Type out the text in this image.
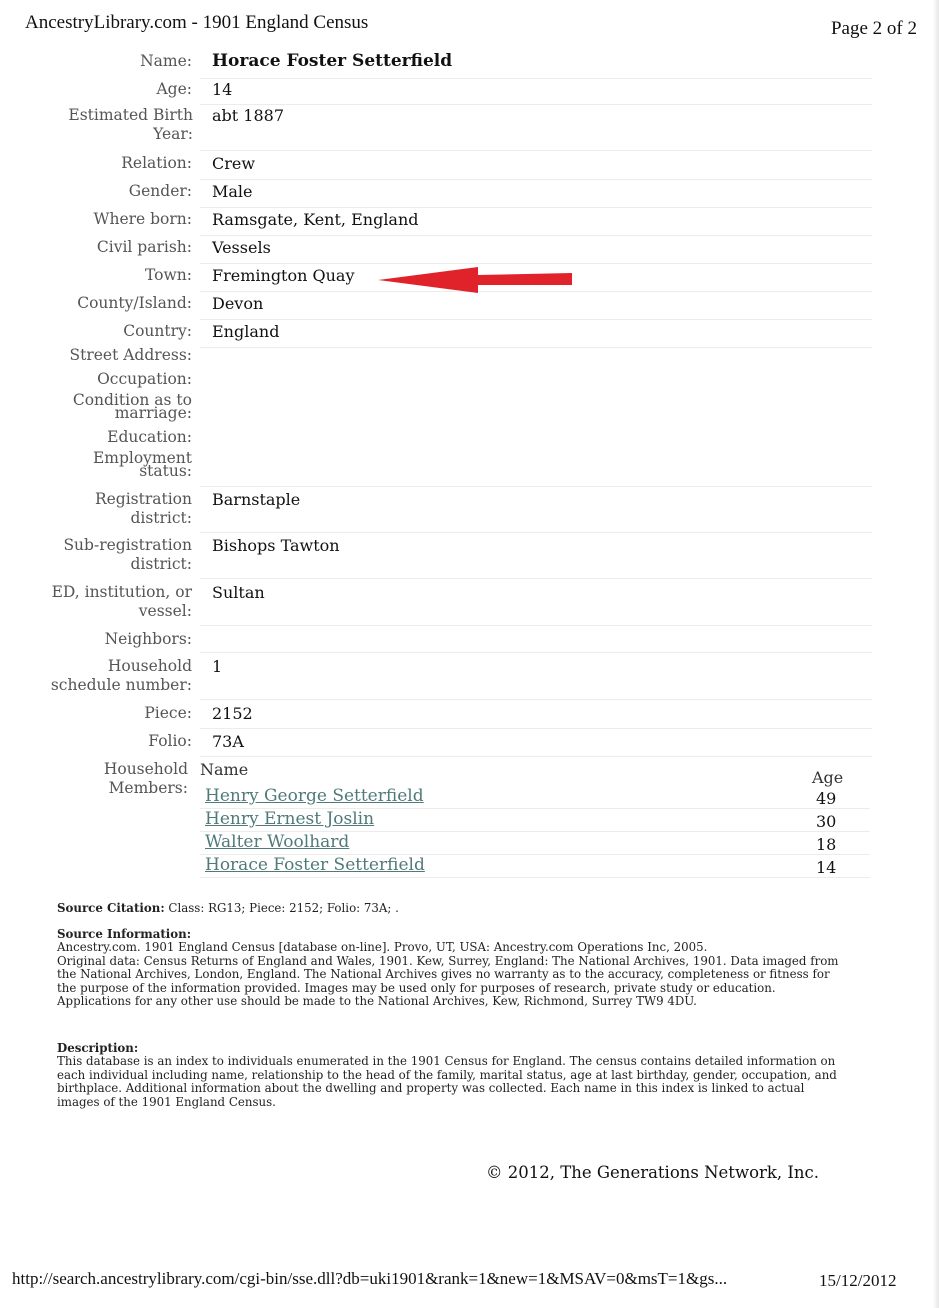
AncestryLibrary.com - 1901 England Census	Page 2 of 2
Name:	Horace Foster Setterfield
Age:	14
Estimated Birth Year:
abt 1887
Relation:	Crew
Gender:	Male
Where born:	Ramsgate, Kent, England
Civil parish:	Vessels
Town:	Fremington Quay
County/Island:	Devon
Country:	England
Street Address:
Occupation:
Condition as to marriage:
Education:
Employment status:
Registration district:
Barnstaple
Sub-registration district:
Bishops Tawton
ED, institution, or vessel:
Sultan
Neighbors:
Household schedule number:
1
Piece:	2152
Folio:	73A
Household Members:
Name	Age
Henry George Setterfield	49
Henry Ernest Joslin	30
Walter Woolhard	18
Horace Foster Setterfield	14
Source Citation: Class: RG13; Piece: 2152; Folio: 73A; .
Source Information:
Ancestry.com. 1901 England Census [database on-line]. Provo, UT, USA: Ancestry.com Operations Inc, 2005.
Original data: Census Returns of England and Wales, 1901. Kew, Surrey, England: The National Archives, 1901. Data imaged from the National Archives, London, England. The National Archives gives no warranty as to the accuracy, completeness or fitness for the purpose of the information provided. Images may be used only for purposes of research, private study or education. Applications for any other use should be made to the National Archives, Kew, Richmond, Surrey TW9 4DU.
Description:
This database is an index to individuals enumerated in the 1901 Census for England. The census contains detailed information on each individual including name, relationship to the head of the family, marital status, age at last birthday, gender, occupation, and birthplace. Additional information about the dwelling and property was collected. Each name in this index is linked to actual images of the 1901 England Census.
© 2012, The Generations Network, Inc.
http://search.ancestrylibrary.com/cgi-bin/sse.dll?db=uki1901&rank=1&new=1&MSAV=0&msT=1&gs...	15/12/2012
